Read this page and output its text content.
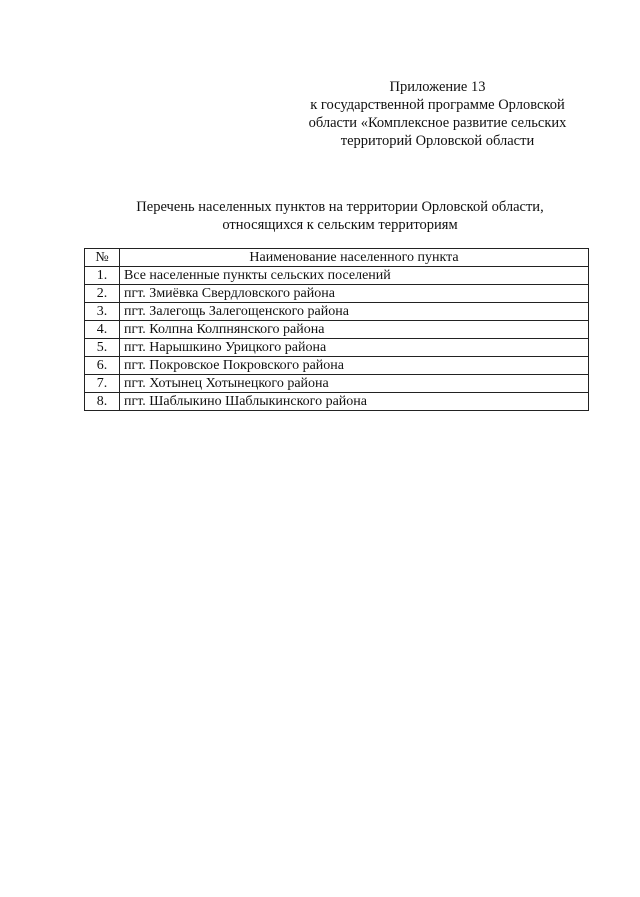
Приложение 13
к государственной программе Орловской
области «Комплексное развитие сельских
территорий Орловской области
Перечень населенных пунктов на территории Орловской области,
относящихся к сельским территориям
№	Наименование населенного пункта
1.	Все населенные пункты сельских поселений
2.	пгт. Змиёвка Свердловского района
3.	пгт. Залегощь Залегощенского района
4.	пгт. Колпна Колпнянского района
5.	пгт. Нарышкино Урицкого района
6.	пгт. Покровское Покровского района
7.	пгт. Хотынец Хотынецкого района
8.	пгт. Шаблыкино Шаблыкинского района
